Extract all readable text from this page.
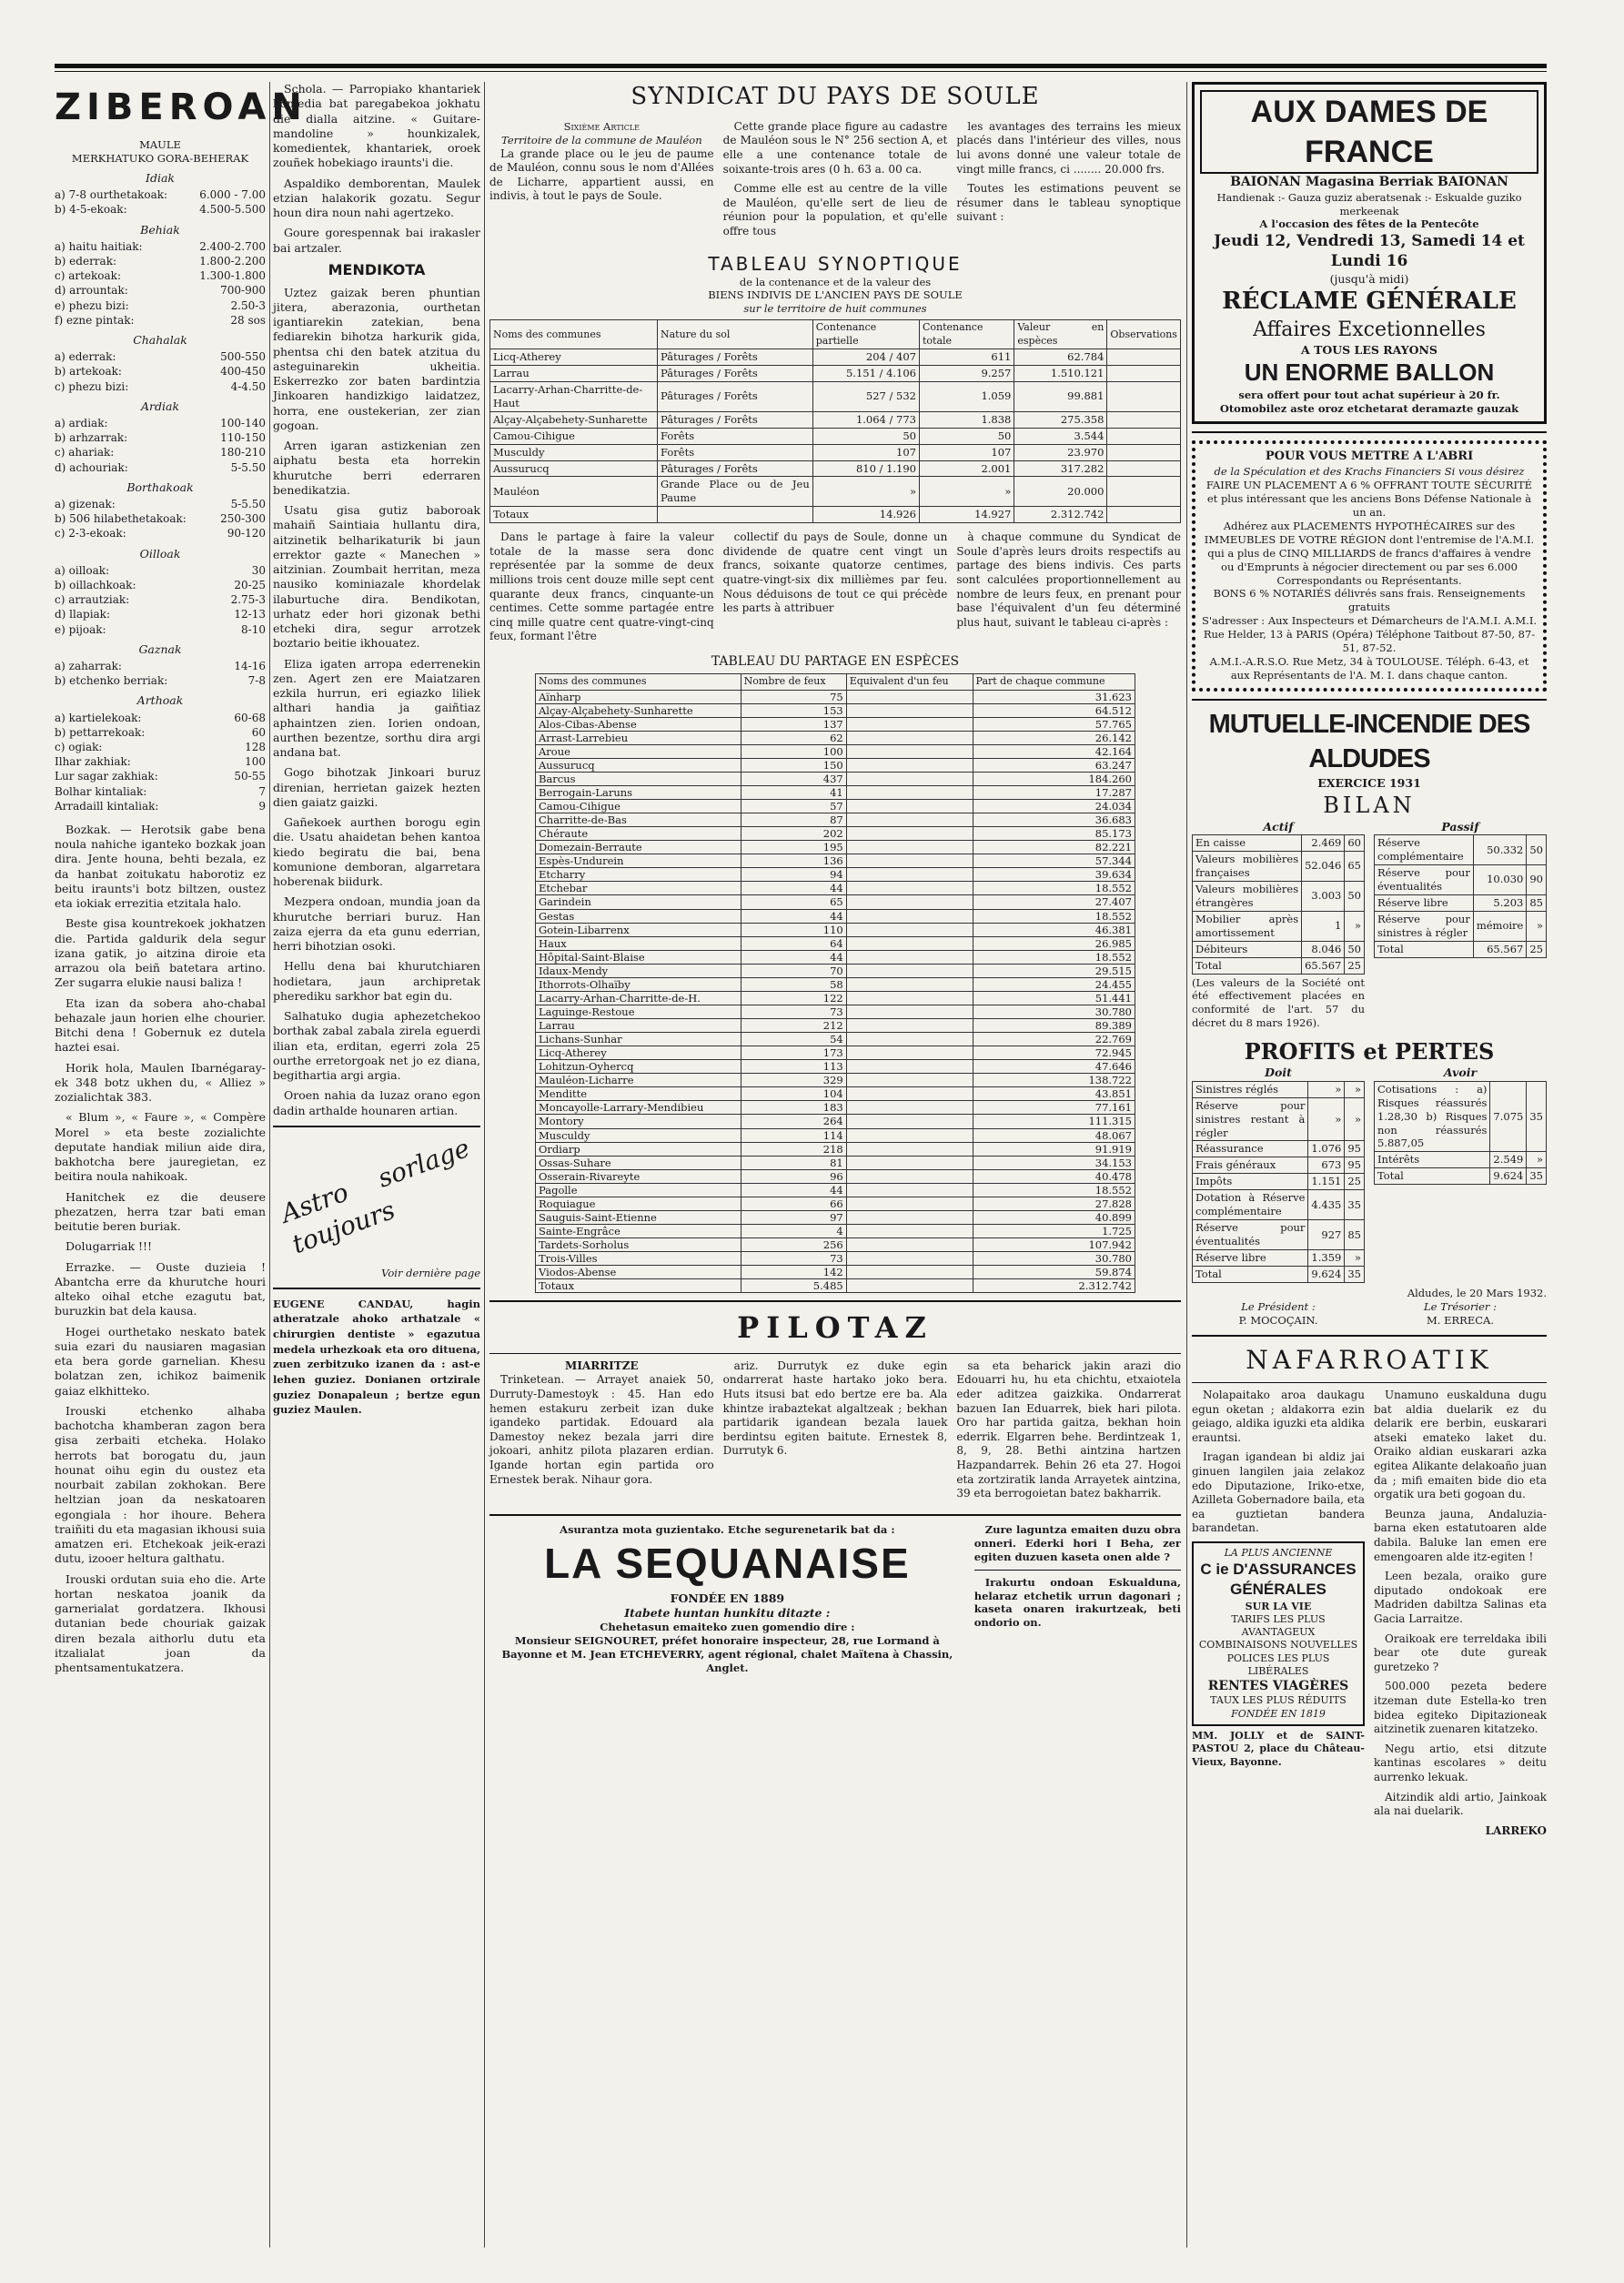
ZIBEROAN
MAULE
MERKHATUKO GORA-BEHERAK
Idiak
a) 7-8 ourthetakoak:	6.000 - 7.00
b) 4-5-ekoak:	4.500-5.500
Behiak
a) haitu haitiak:	2.400-2.700
b) ederrak:	1.800-2.200
c) artekoak:	1.300-1.800
d) arrountak:	700-900
e) phezu bizi:	2.50-3
f) ezne pintak:	28 sos
Chahalak
a) ederrak:	500-550
b) artekoak:	400-450
c) phezu bizi:	4-4.50
Ardiak
a) ardiak:	100-140
b) arhzarrak:	110-150
c) ahariak:	180-210
d) achouriak:	5-5.50
Borthakoak
a) gizenak:	5-5.50
b) 506 hilabethetakoak:	250-300
c) 2-3-ekoak:	90-120
Oilloak
a) oilloak:	30
b) oillachkoak:	20-25
c) arrautziak:	2.75-3
d) llapiak:	12-13
e) pijoak:	8-10
Gaznak
a) zaharrak:	14-16
b) etchenko berriak:	7-8
Arthoak
a) kartielekoak:	60-68
b) pettarrekoak:	60
c) ogiak:	128
Ilhar zakhiak:	100
Lur sagar zakhiak:	50-55
Bolhar kintaliak:	7
Arradaill kintaliak:	9

Bozkak. — Herotsik gabe bena noula nahiche iganteko bozkak joan dira. Jente houna, behti bezala, ez da hanbat zoitukatu haborotiz ez beitu iraunts'i botz biltzen, oustez eta iokiak errezitia etzitala halo.

Beste gisa kountrekoek jokhatzen die. Partida galdurik dela segur izana gatik, jo aitzina diroie eta arrazou ola beiñ batetara artino. Zer sugarra elukie nausi baliza !

Eta izan da sobera aho-chabal behazale jaun horien elhe chourier. Bitchi dena ! Gobernuk ez dutela haztei esai.

Horik hola, Maulen Ibarnégaray-ek 348 botz ukhen du, « Alliez » zozialichtak 383.

« Blum », « Faure », « Compère Morel » eta beste zozialichte deputate handiak miliun aide dira, bakhotcha bere jauregietan, ez beitira noula nahikoak.

Hanitchek ez die deusere phezatzen, herra tzar bati eman beitutie beren buriak.

Dolugarriak !!!

Errazke. — Ouste duzieia ! Abantcha erre da khurutche houri alteko oihal etche ezagutu bat, buruzkin bat dela kausa.

Hogei ourthetako neskato batek suia ezari du nausiaren magasian eta bera gorde garnelian. Khesu bolatzan zen, ichikoz baimenik gaiaz elkhitteko.

Irouski etchenko alhaba bachotcha khamberan zagon bera gisa zerbaiti etcheka. Holako herrots bat borogatu du, jaun hounat oihu egin du oustez eta nourbait zabilan zokhokan. Bere heltzian joan da neskatoaren egongiala : hor ihoure. Behera traiñiti du eta magasian ikhousi suia amatzen eri. Etchekoak jeik-erazi dutu, izooer heltura galthatu.

Irouski ordutan suia eho die. Arte hortan neskatoa joanik da garnerialat gordatzera. Ikhousi dutanian bede chouriak gaizak diren bezala aithorlu dutu eta itzalialat joan da phentsamentukatzera.

Schola. — Parropiako khantariek komedia bat paregabekoa jokhatu die dialla aitzine. « Guitare-mandoline » hounkizalek, komedientek, khantariek, oroek zouñek hobekiago iraunts'i die.

Aspaldiko demborentan, Maulek etzian halakorik gozatu. Segur houn dira noun nahi agertzeko.

Goure gorespennak bai irakasler bai artzaler.

MENDIKOTA

Uztez gaizak beren phuntian jitera, aberazonia, ourthetan igantiarekin zatekian, bena fediarekin bihotza harkurik gida, phentsa chi den batek atzitua du asteguinarekin ukheitia. Eskerrezko zor baten bardintzia Jinkoaren handizkigo laidatzez, horra, ene oustekerian, zer zian gogoan.

Arren igaran astizkenian zen aiphatu besta eta horrekin khurutche berri ederraren benedikatzia.

Usatu gisa gutiz baboroak mahaiñ Saintiaia hullantu dira, aitzinetik belharikaturik bi jaun errektor gazte « Manechen » aitzinian. Zoumbait herritan, meza nausiko kominiazale khordelak ilaburtuche dira. Bendikotan, urhatz eder hori gizonak bethi etcheki dira, segur arrotzek boztario beitie ikhouatez.

Eliza igaten arropa ederrenekin zen. Agert zen ere Maiatzaren ezkila hurrun, eri egiazko liliek althari handia ja gaiñtiaz aphaintzen zien. Iorien ondoan, aurthen bezentze, sorthu dira argi andana bat.

Gogo bihotzak Jinkoari buruz direnian, herrietan gaizek hezten dien gaiatz gaizki.

Gañekoek aurthen borogu egin die. Usatu ahaidetan behen kantoa kiedo begiratu die bai, bena komunione demboran, algarretara hoberenak biidurk.

Mezpera ondoan, mundia joan da khurutche berriari buruz. Han zaiza ejerra da eta gunu ederrian, herri bihotzian osoki.

Hellu dena bai khurutchiaren hodietara, jaun archipretak pherediku sarkhor bat egin du.

Salhatuko dugia aphezetchekoo borthak zabal zabala zirela eguerdi ilian eta, erditan, egerri zola 25 ourthe erretorgoak net jo ez diana, begithartia argi argia.

Oroen nahia da luzaz orano egon dadin arthalde hounaren artian.

Astro sorlage toujours
Voir dernière page
EUGENE CANDAU, hagin atheratzale ahoko arthatzale « chirurgien dentiste » egazutua medela urhezkoak eta oro dituena, zuen zerbitzuko izanen da : ast-e lehen guziez. Donianen ortzirale guziez Donapaleun ; bertze egun guziez Maulen.
SYNDICAT DU PAYS DE SOULE
Sixième Article
Territoire de la commune de Mauléon

La grande place ou le jeu de paume de Mauléon, connu sous le nom d'Allées de Licharre, appartient aussi, en indivis, à tout le pays de Soule.

Cette grande place figure au cadastre de Mauléon sous le N° 256 section A, et elle a une contenance totale de soixante-trois ares (0 h. 63 a. 00 ca.

Comme elle est au centre de la ville de Mauléon, qu'elle sert de lieu de réunion pour la population, et qu'elle offre tous

les avantages des terrains les mieux placés dans l'intérieur des villes, nous lui avons donné une valeur totale de vingt mille francs, ci ........ 20.000 frs.

Toutes les estimations peuvent se résumer dans le tableau synoptique suivant :

TABLEAU SYNOPTIQUE
de la contenance et de la valeur des
BIENS INDIVIS DE L'ANCIEN PAYS DE SOULE
sur le territoire de huit communes
Noms des communes	Nature du sol	Contenance partielle	Contenance totale	Valeur en espèces	Observations
Licq-Atherey	Pâturages / Forêts	204 / 407	611	62.784	
Larrau	Pâturages / Forêts	5.151 / 4.106	9.257	1.510.121	
Lacarry-Arhan-Charritte-de-Haut	Pâturages / Forêts	527 / 532	1.059	99.881	
Alçay-Alçabehety-Sunharette	Pâturages / Forêts	1.064 / 773	1.838	275.358	
Camou-Cihigue	Forêts	50	50	3.544	
Musculdy	Forêts	107	107	23.970	
Aussurucq	Pâturages / Forêts	810 / 1.190	2.001	317.282	
Mauléon	Grande Place ou de Jeu Paume	»	»	20.000	
Totaux		14.926	14.927	2.312.742	

Dans le partage à faire la valeur totale de la masse sera donc représentée par la somme de deux millions trois cent douze mille sept cent quarante deux francs, cinquante-un centimes. Cette somme partagée entre cinq mille quatre cent quatre-vingt-cinq feux, formant l'être

collectif du pays de Soule, donne un dividende de quatre cent vingt un francs, soixante quatorze centimes, quatre-vingt-six dix millièmes par feu. Nous déduisons de tout ce qui précède les parts à attribuer

à chaque commune du Syndicat de Soule d'après leurs droits respectifs au partage des biens indivis. Ces parts sont calculées proportionnellement au nombre de leurs feux, en prenant pour base l'équivalent d'un feu déterminé plus haut, suivant le tableau ci-après :

TABLEAU DU PARTAGE EN ESPÈCES
Noms des communes	Nombre de feux	Equivalent d'un feu	Part de chaque commune
Aïnharp	75		31.623
Alçay-Alçabehety-Sunharette	153		64.512
Alos-Cibas-Abense	137		57.765
Arrast-Larrebieu	62		26.142
Aroue	100		42.164
Aussurucq	150		63.247
Barcus	437		184.260
Berrogain-Laruns	41		17.287
Camou-Cihigue	57		24.034
Charritte-de-Bas	87		36.683
Chéraute	202		85.173
Domezain-Berraute	195		82.221
Espès-Undurein	136		57.344
Etcharry	94		39.634
Etchebar	44		18.552
Garindein	65		27.407
Gestas	44		18.552
Gotein-Libarrenx	110		46.381
Haux	64		26.985
Hôpital-Saint-Blaise	44		18.552
Idaux-Mendy	70		29.515
Ithorrots-Olhaïby	58		24.455
Lacarry-Arhan-Charritte-de-H.	122		51.441
Laguinge-Restoue	73		30.780
Larrau	212		89.389
Lichans-Sunhar	54		22.769
Licq-Atherey	173		72.945
Lohitzun-Oyhercq	113		47.646
Mauléon-Licharre	329		138.722
Menditte	104		43.851
Moncayolle-Larrary-Mendibieu	183		77.161
Montory	264		111.315
Musculdy	114		48.067
Ordiarp	218		91.919
Ossas-Suhare	81		34.153
Osserain-Rivareyte	96		40.478
Pagolle	44		18.552
Roquiague	66		27.828
Sauguis-Saint-Etienne	97		40.899
Sainte-Engrâce	4		1.725
Tardets-Sorholus	256		107.942
Trois-Villes	73		30.780
Viodos-Abense	142		59.874
Totaux	5.485		2.312.742
PILOTAZ
MIARRITZE

Trinketean. — Arrayet anaiek 50, Durruty-Damestoyk : 45. Han edo hemen estakuru zerbeit izan duke igandeko partidak. Edouard ala Damestoy nekez bezala jarri dire jokoari, anhitz pilota plazaren erdian. Igande hortan egin partida oro Ernestek berak. Nihaur gora.

ariz. Durrutyk ez duke egin ondarrerat haste hartako joko bera. Huts itsusi bat edo bertze ere ba. Ala khintze irabaztekat algaltzeak ; bekhan partidarik igandean bezala lauek berdintsu egiten baitute. Ernestek 8, Durrutyk 6.

sa eta beharick jakin arazi dio Edouarri hu, hu eta chichtu, etxaiotela eder aditzea gaizkika. Ondarrerat bazuen Ian Eduarrek, biek hari pilota. Oro har partida gaitza, bekhan hoin ederrik. Elgarren behe. Berdintzeak 1, 8, 9, 28. Bethi aintzina hartzen Hazpandarrek. Behin 26 eta 27. Hogoi eta zortziratik landa Arrayetek aintzina, 39 eta berrogoietan batez bakharrik.

Asurantza mota guzientako. Etche segurenetarik bat da :
LA SEQUANAISE
FONDÉE EN 1889
Itabete huntan hunkitu ditazte :
Chehetasun emaiteko zuen gomendio dire :
Monsieur SEIGNOURET, préfet honoraire inspecteur, 28, rue Lormand à Bayonne et M. Jean ETCHEVERRY, agent régional, chalet Maïtena à Chassin, Anglet.

Zure laguntza emaiten duzu obra onneri. Ederki hori I Beha, zer egiten duzuen kaseta onen alde ?

Irakurtu ondoan Eskualduna, helaraz etchetik urrun dagonari ; kaseta onaren irakurtzeak, beti ondorio on.

AUX DAMES DE FRANCE
BAIONAN Magasina Berriak BAIONAN
Handienak :- Gauza guziz aberatsenak :- Eskualde guziko merkeenak
A l'occasion des fêtes de la Pentecôte
Jeudi 12, Vendredi 13, Samedi 14 et Lundi 16
(jusqu'à midi)
RÉCLAME GÉNÉRALE
Affaires Excetionnelles
A TOUS LES RAYONS
UN ENORME BALLON
sera offert pour tout achat supérieur à 20 fr.
Otomobilez aste oroz etchetarat deramazte gauzak
POUR VOUS METTRE A L'ABRI
de la Spéculation et des Krachs Financiers Si vous désirez
FAIRE UN PLACEMENT A 6 % OFFRANT TOUTE SÉCURITÉ et plus intéressant que les anciens Bons Défense Nationale à un an.
Adhérez aux PLACEMENTS HYPOTHÉCAIRES sur des IMMEUBLES DE VOTRE RÉGION dont l'entremise de l'A.M.I. qui a plus de CINQ MILLIARDS de francs d'affaires à vendre ou d'Emprunts à négocier directement ou par ses 6.000 Correspondants ou Représentants.
BONS 6 % NOTARIÉS délivrés sans frais. Renseignements gratuits
S'adresser : Aux Inspecteurs et Démarcheurs de l'A.M.I. A.M.I. Rue Helder, 13 à PARIS (Opéra) Téléphone Taitbout 87-50, 87-51, 87-52.
A.M.I.-A.R.S.O. Rue Metz, 34 à TOULOUSE. Téléph. 6-43, et aux Représentants de l'A. M. I. dans chaque canton.
MUTUELLE-INCENDIE DES ALDUDES
EXERCICE 1931
BILAN
Actif
En caisse	2.469	60
Valeurs mobilières françaises	52.046	65
Valeurs mobilières étrangères	3.003	50
Mobilier après amortissement	1	»
Débiteurs	8.046	50
Total	65.567	25
(Les valeurs de la Société ont été effectivement placées en conformité de l'art. 57 du décret du 8 mars 1926).
Passif
Réserve complémentaire	50.332	50
Réserve pour éventualités	10.030	90
Réserve libre	5.203	85
Réserve pour sinistres à régler	mémoire	»
Total	65.567	25
PROFITS et PERTES
Doit
Sinistres réglés	»	»
Réserve pour sinistres restant à régler	»	»
Réassurance	1.076	95
Frais généraux	673	95
Impôts	1.151	25
Dotation à Réserve complémentaire	4.435	35
Réserve pour éventualités	927	85
Réserve libre	1.359	»
Total	9.624	35
Avoir
Cotisations : a) Risques réassurés 1.28,30 b) Risques non réassurés 5.887,05	7.075	35
Intérêts	2.549	»
Total	9.624	35
Aldudes, le 20 Mars 1932.
Le Président :
P. MOCOÇAIN.
Le Trésorier :
M. ERRECA.
NAFARROATIK

Nolapaitako aroa daukagu egun oketan ; aldakorra ezin geiago, aldika iguzki eta aldika erauntsi.

Iragan igandean bi aldiz jai ginuen langilen jaia zelakoz edo Diputazione, Iriko-etxe, Azilleta Gobernadore baila, eta ea guztietan bandera barandetan.

LA PLUS ANCIENNE
C ie D'ASSURANCES GÉNÉRALES
SUR LA VIE
TARIFS LES PLUS AVANTAGEUX COMBINAISONS NOUVELLES POLICES LES PLUS LIBÉRALES
RENTES VIAGÈRES
TAUX LES PLUS RÉDUITS
FONDÉE EN 1819
MM. JOLLY et de SAINT-PASTOU 2, place du Château-Vieux, Bayonne.

Unamuno euskalduna dugu bat aldia duelarik ez du delarik ere berbin, euskarari atseki emateko laket du. Oraiko aldian euskarari azka egitea Alikante delakoaño juan da ; mifi emaiten bide dio eta orgatik ura beti gogoan du.

Beunza jauna, Andaluzia-barna eken estatutoaren alde dabila. Baluke lan emen ere emengoaren alde itz-egiten !

Leen bezala, oraiko gure diputado ondokoak ere Madriden dabiltza Salinas eta Gacia Larraitze.

Oraikoak ere terreldaka ibili bear ote dute gureak guretzeko ?

500.000 pezeta bedere itzeman dute Estella-ko tren bidea egiteko Dipitazioneak aitzinetik zuenaren kitatzeko.

Negu artio, etsi ditzute kantinas escolares » deitu aurrenko lekuak.

Aitzindik aldi artio, Jainkoak ala nai duelarik.

LARREKO
